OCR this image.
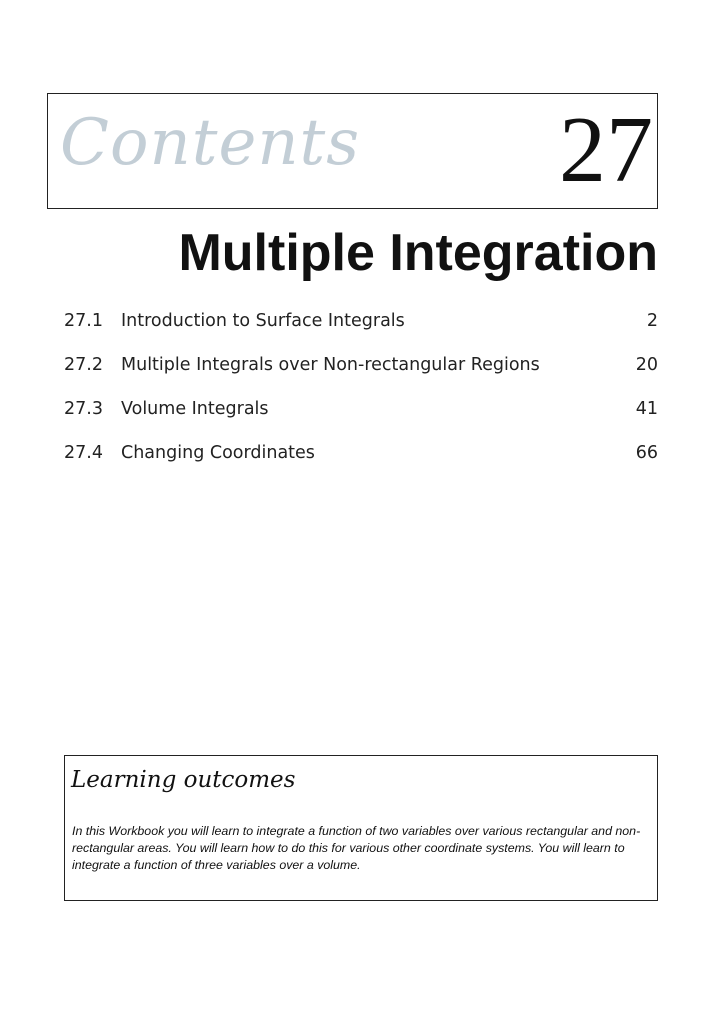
Contents 27
Multiple Integration
27.1 Introduction to Surface Integrals	2
27.2 Multiple Integrals over Non-rectangular Regions	20
27.3 Volume Integrals	41
27.4 Changing Coordinates	66
Learning outcomes
In this Workbook you will learn to integrate a function of two variables over various rectangular and non-rectangular areas. You will learn how to do this for various other coordinate systems. You will learn to integrate a function of three variables over a volume.
